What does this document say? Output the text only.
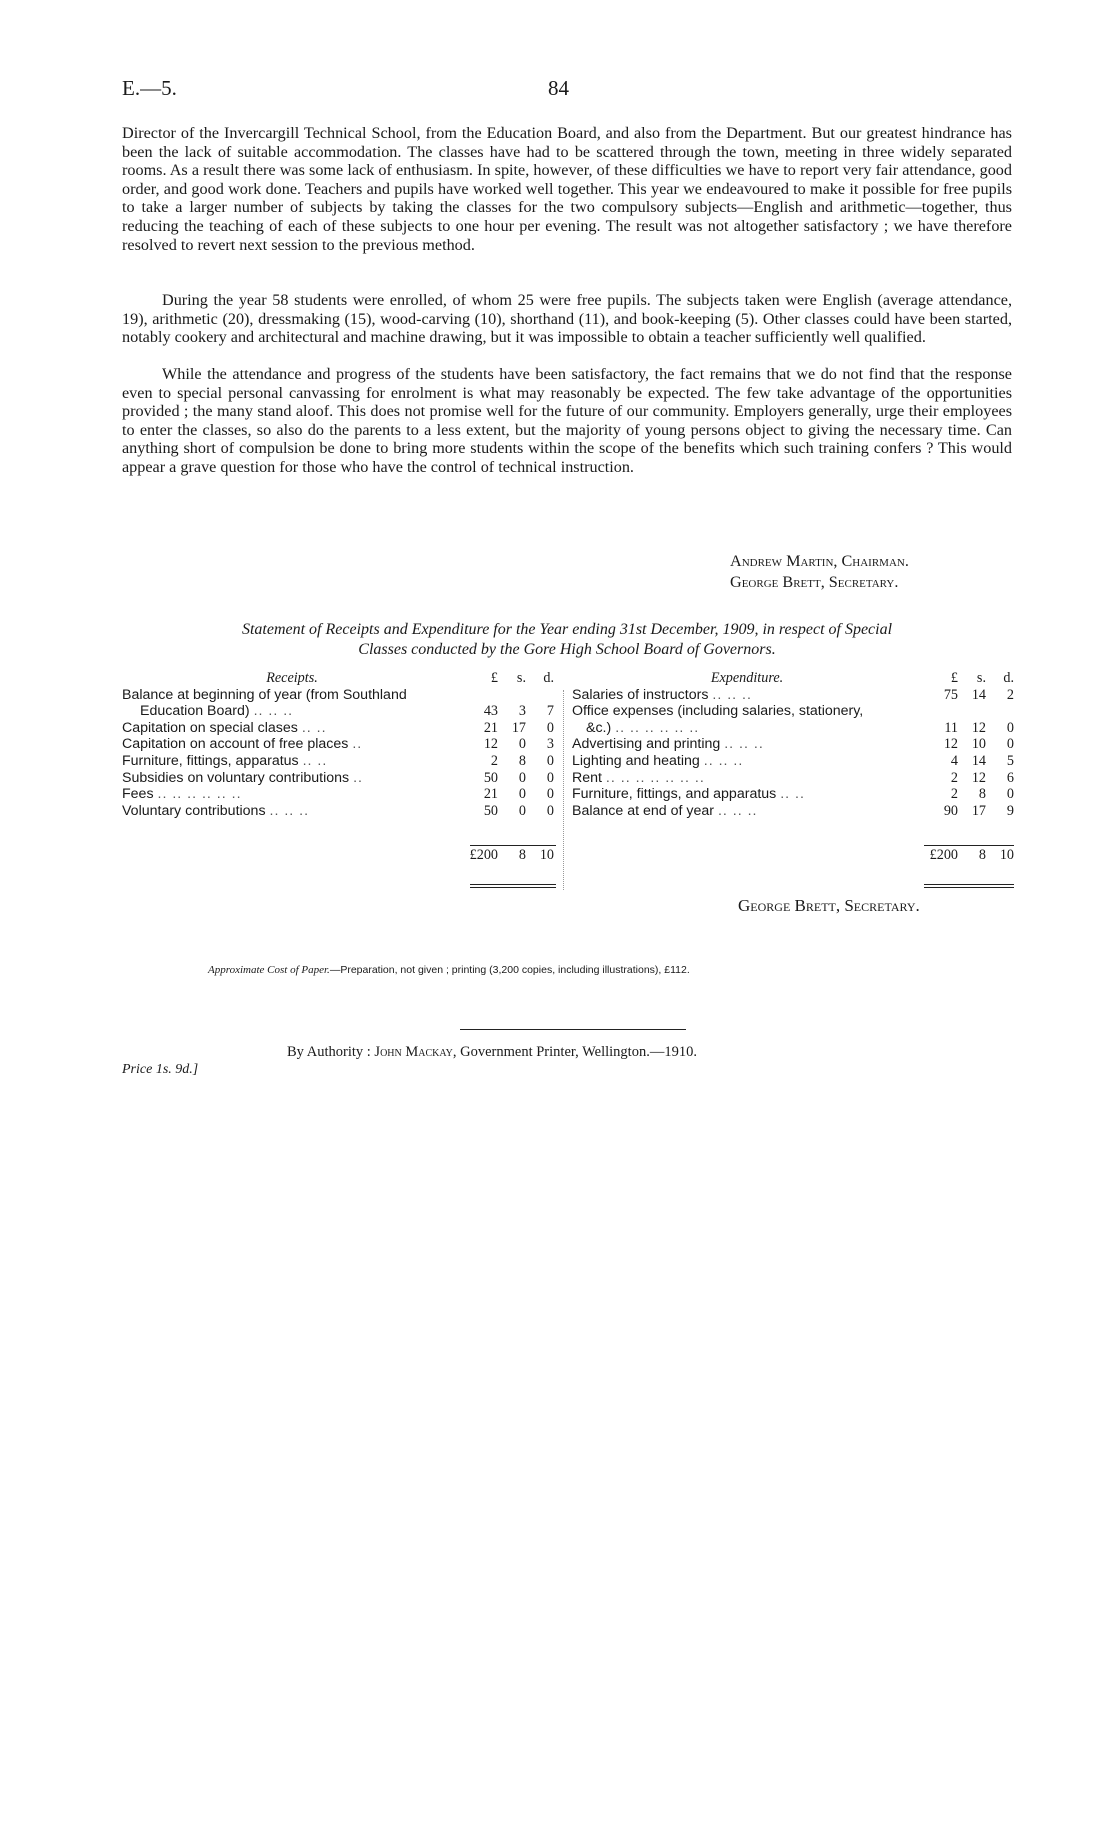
E.—5.	84

Director of the Invercargill Technical School, from the Education Board, and also from the Department. But our greatest hindrance has been the lack of suitable accommodation. The classes have had to be scattered through the town, meeting in three widely separated rooms. As a result there was some lack of enthusiasm. In spite, however, of these difficulties we have to report very fair attendance, good order, and good work done. Teachers and pupils have worked well together. This year we endeavoured to make it possible for free pupils to take a larger number of subjects by taking the classes for the two compulsory subjects—English and arithmetic—together, thus reducing the teaching of each of these subjects to one hour per evening. The result was not altogether satisfactory ; we have therefore resolved to revert next session to the previous method.

During the year 58 students were enrolled, of whom 25 were free pupils. The subjects taken were English (average attendance, 19), arithmetic (20), dressmaking (15), wood-carving (10), shorthand (11), and book-keeping (5). Other classes could have been started, notably cookery and architectural and machine drawing, but it was impossible to obtain a teacher sufficiently well qualified.

While the attendance and progress of the students have been satisfactory, the fact remains that we do not find that the response even to special personal canvassing for enrolment is what may reasonably be expected. The few take advantage of the opportunities provided ; the many stand aloof. This does not promise well for the future of our community. Employers generally, urge their employees to enter the classes, so also do the parents to a less extent, but the majority of young persons object to giving the necessary time. Can anything short of compulsion be done to bring more students within the scope of the benefits which such training confers ? This would appear a grave question for those who have the control of technical instruction.

Andrew Martin, Chairman.
George Brett, Secretary.
Statement of Receipts and Expenditure for the Year ending 31st December, 1909, in respect of Special
Classes conducted by the Gore High School Board of Governors.
Receipts.	£	s.	d.
Balance at beginning of year (from Southland			
Education Board) .. .. ..	43	3	7
Capitation on special clases .. ..	21	17	0
Capitation on account of free places ..	12	0	3
Furniture, fittings, apparatus .. ..	2	8	0
Subsidies on voluntary contributions ..	50	0	0
Fees .. .. .. .. .. ..	21	0	0
Voluntary contributions .. .. ..	50	0	0

	£200	8	10
Expenditure.	£	s.	d.
Salaries of instructors .. .. ..	75	14	2
Office expenses (including salaries, stationery,			
&c.) .. .. .. .. .. ..	11	12	0
Advertising and printing .. .. ..	12	10	0
Lighting and heating .. .. ..	4	14	5
Rent .. .. .. .. .. .. ..	2	12	6
Furniture, fittings, and apparatus .. ..	2	8	0
Balance at end of year .. .. ..	90	17	9

	£200	8	10
George Brett, Secretary.
Approximate Cost of Paper.—Preparation, not given ; printing (3,200 copies, including illustrations), £112.
By Authority : John Mackay, Government Printer, Wellington.—1910.
Price 1s. 9d.]
